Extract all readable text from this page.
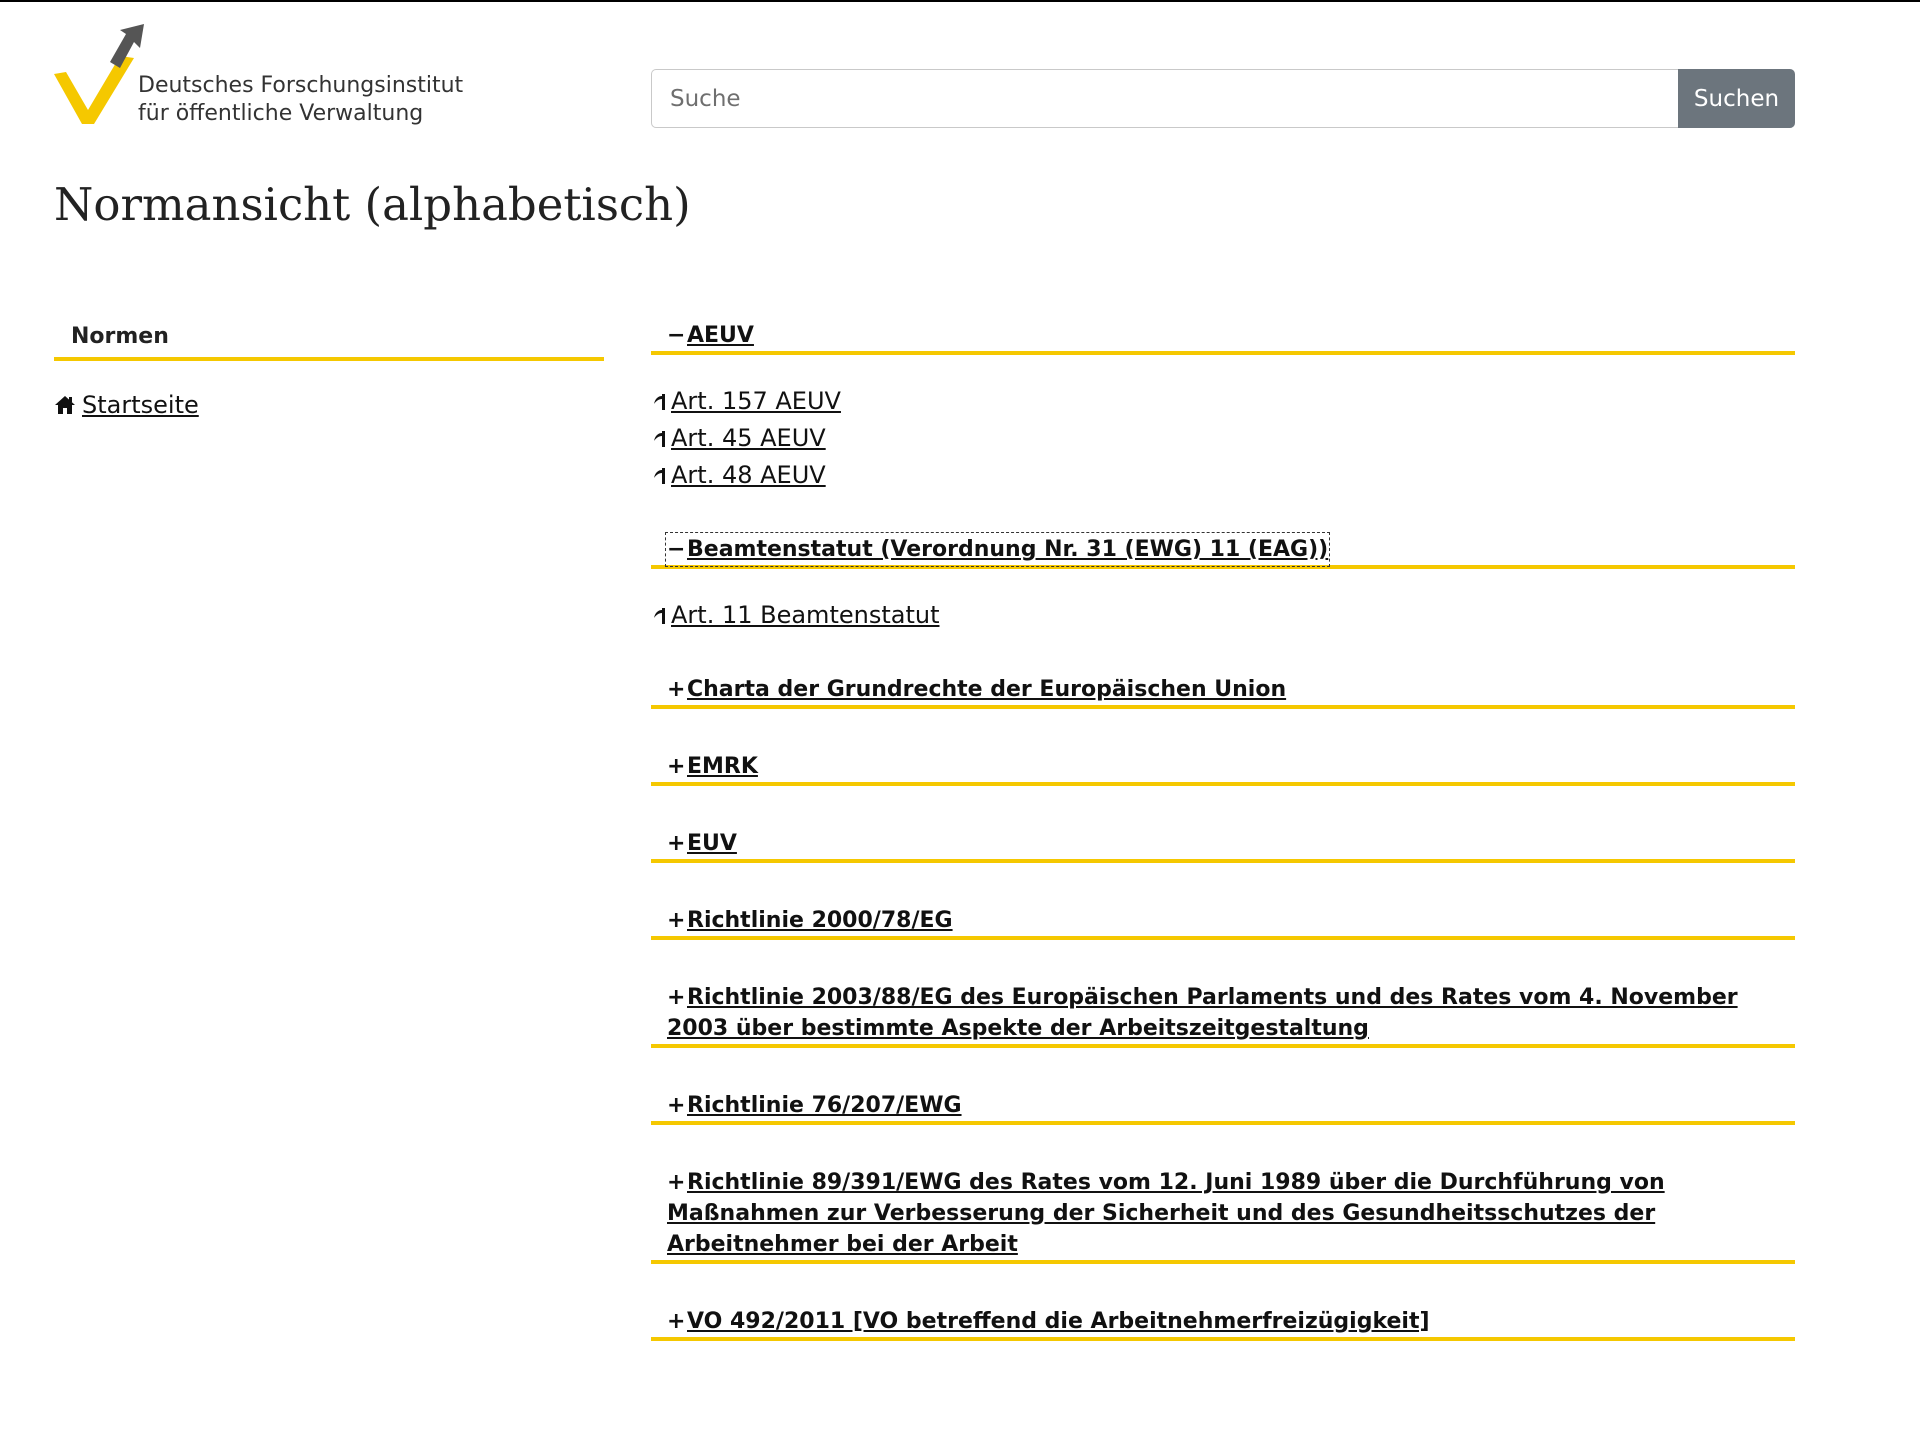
Deutsches Forschungsinstitut
für öffentliche Verwaltung
Suche
Suchen
Normansicht (alphabetisch)
Normen
Startseite
−AEUV
Art. 157 AEUV
Art. 45 AEUV
Art. 48 AEUV
−Beamtenstatut (Verordnung Nr. 31 (EWG) 11 (EAG))
Art. 11 Beamtenstatut
+Charta der Grundrechte der Europäischen Union
+EMRK
+EUV
+Richtlinie 2000/78/EG
+Richtlinie 2003/88/EG des Europäischen Parlaments und des Rates vom 4. November 2003 über bestimmte Aspekte der Arbeitszeitgestaltung
+Richtlinie 76/207/EWG
+Richtlinie 89/391/EWG des Rates vom 12. Juni 1989 über die Durchführung von Maßnahmen zur Verbesserung der Sicherheit und des Gesundheitsschutzes der Arbeitnehmer bei der Arbeit
+VO 492/2011 [VO betreffend die Arbeitnehmerfreizügigkeit]
